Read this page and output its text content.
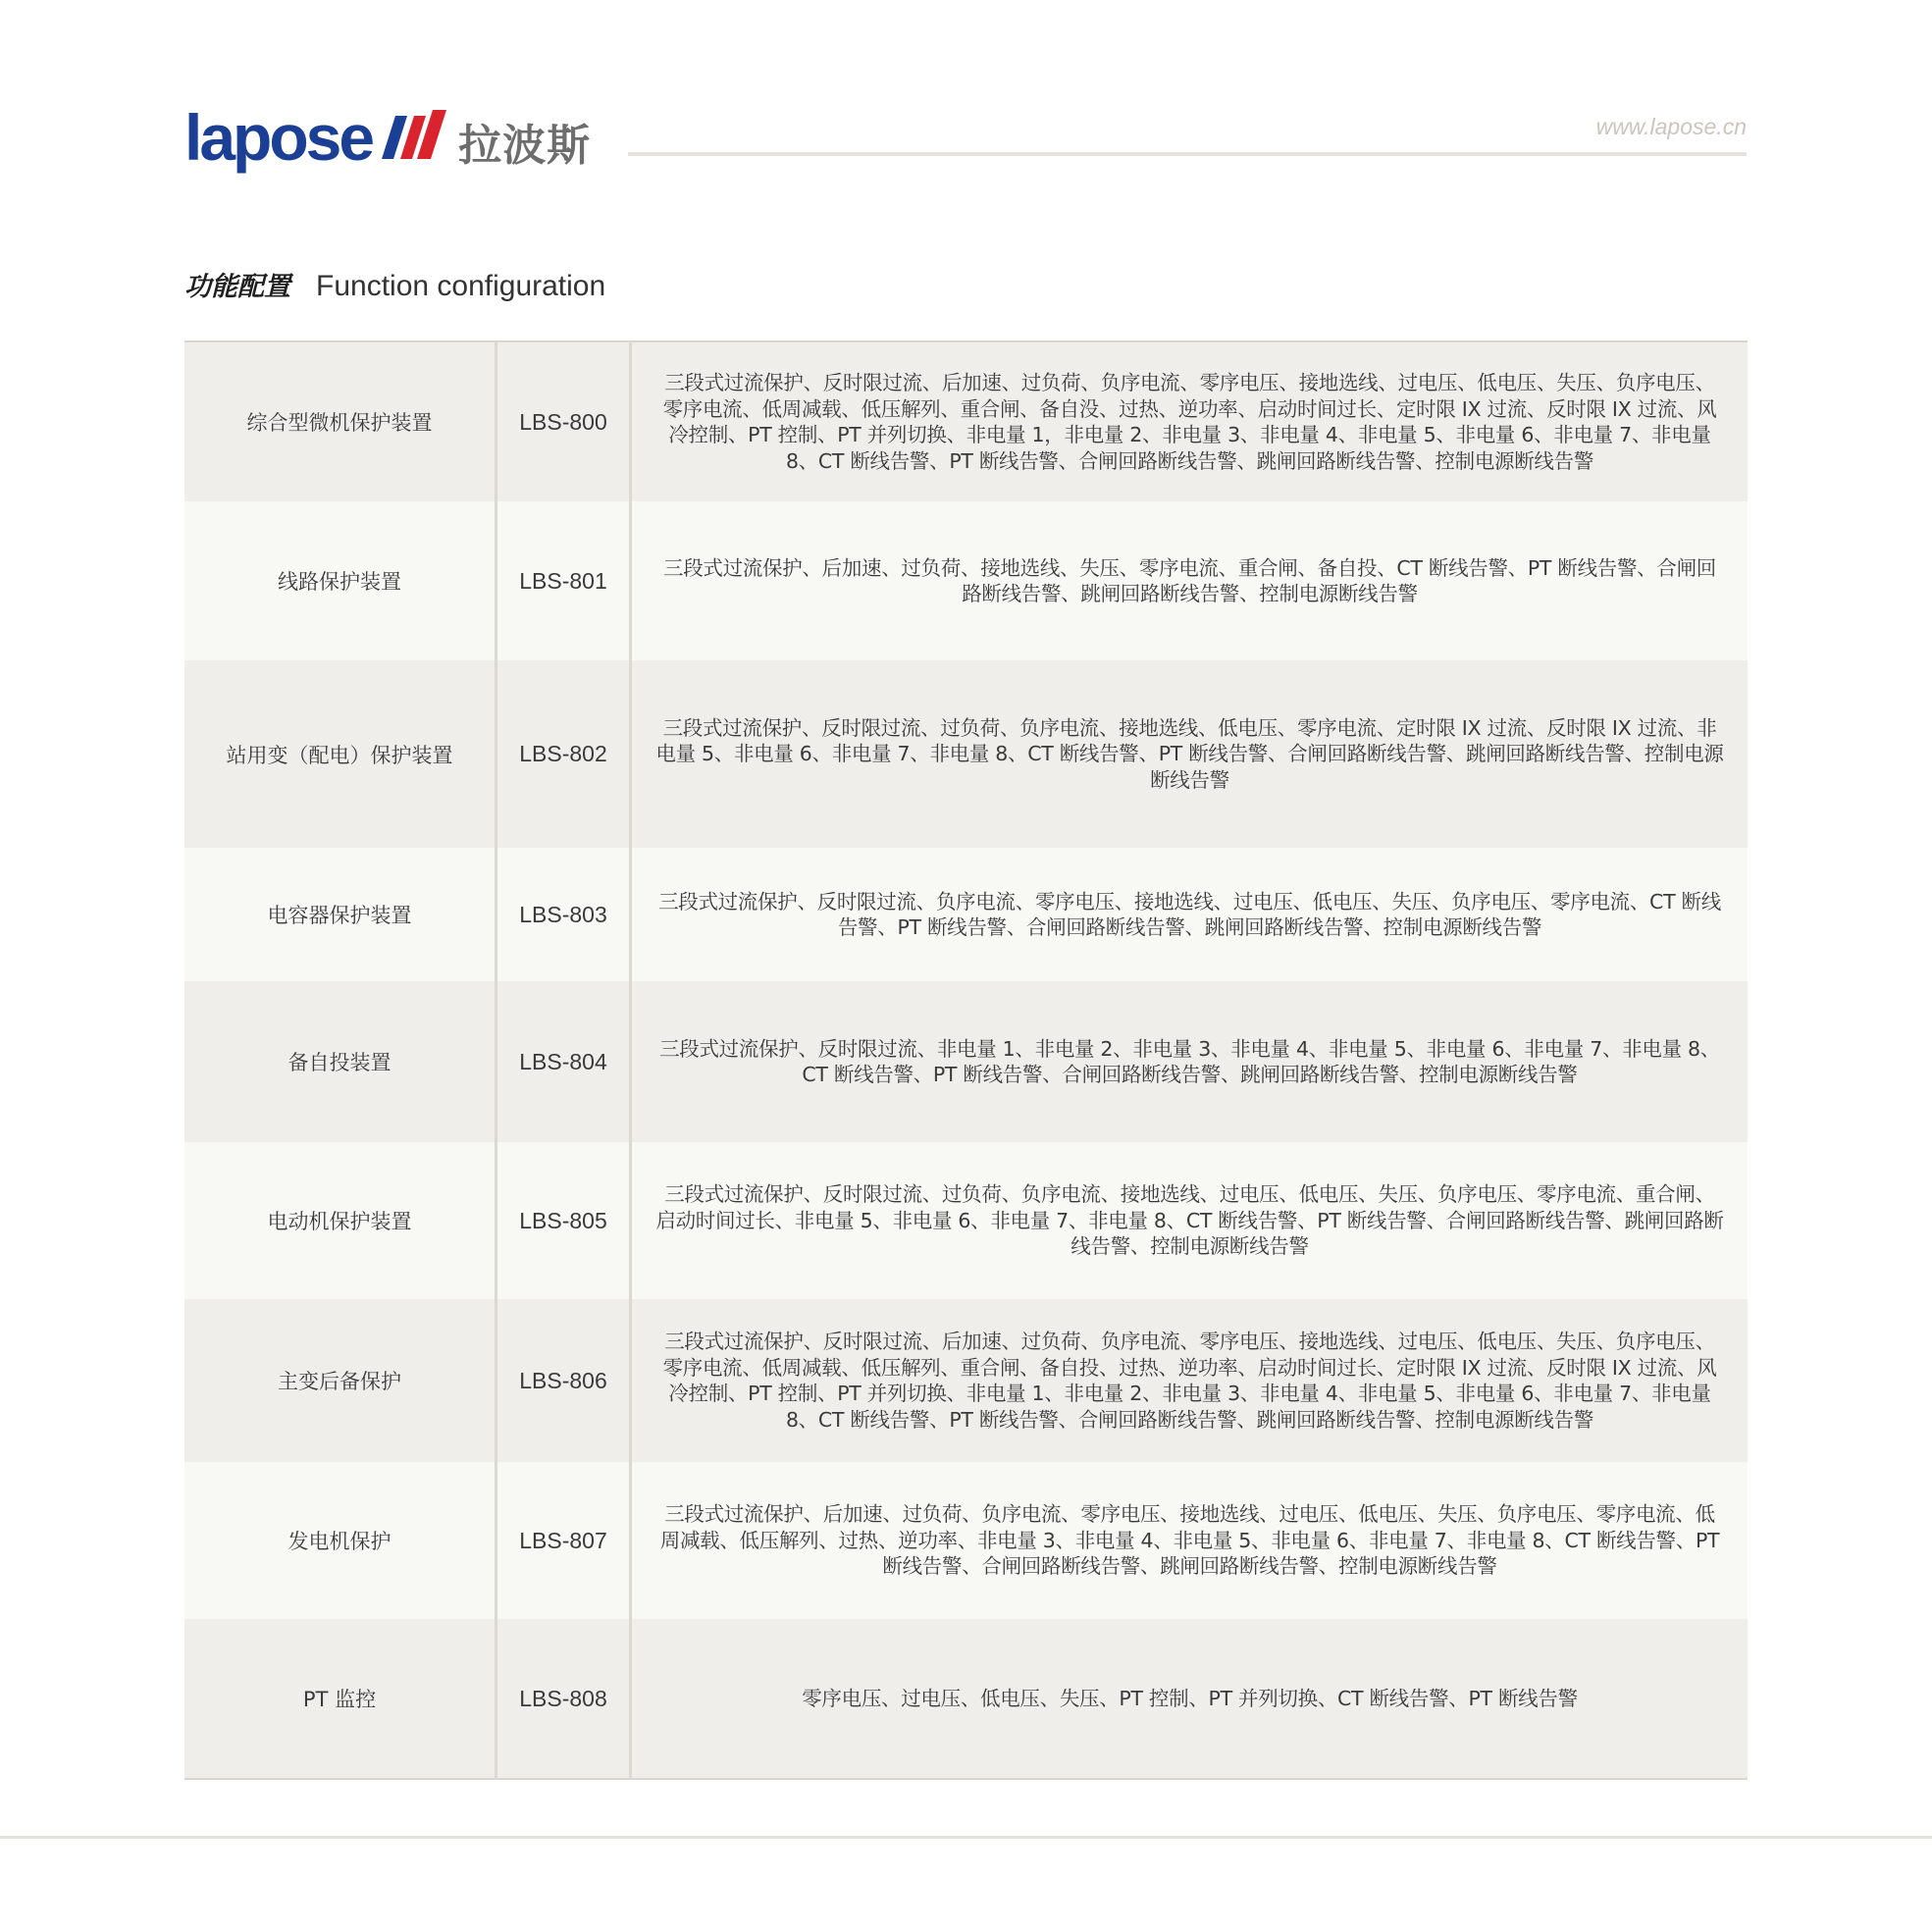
lapose 拉波斯	www.lapose.cn
功能配置 Function configuration
综合型微机保护装置	LBS-800	三段式过流保护、反时限过流、后加速、过负荷、负序电流、零序电压、接地选线、过电压、低电压、失压、负序电压、零序电流、低周减载、低压解列、重合闸、备自没、过热、逆功率、启动时间过长、定时限 IX 过流、反时限 IX 过流、风冷控制、PT 控制、PT 并列切换、非电量 1，非电量 2、非电量 3、非电量 4、非电量 5、非电量 6、非电量 7、非电量 8、CT 断线告警、PT 断线告警、合闸回路断线告警、跳闸回路断线告警、控制电源断线告警
线路保护装置	LBS-801	三段式过流保护、后加速、过负荷、接地选线、失压、零序电流、重合闸、备自投、CT 断线告警、PT 断线告警、合闸回路断线告警、跳闸回路断线告警、控制电源断线告警
站用变（配电）保护装置	LBS-802	三段式过流保护、反时限过流、过负荷、负序电流、接地选线、低电压、零序电流、定时限 IX 过流、反时限 IX 过流、非电量 5、非电量 6、非电量 7、非电量 8、CT 断线告警、PT 断线告警、合闸回路断线告警、跳闸回路断线告警、控制电源断线告警
电容器保护装置	LBS-803	三段式过流保护、反时限过流、负序电流、零序电压、接地选线、过电压、低电压、失压、负序电压、零序电流、CT 断线告警、PT 断线告警、合闸回路断线告警、跳闸回路断线告警、控制电源断线告警
备自投装置	LBS-804	三段式过流保护、反时限过流、非电量 1、非电量 2、非电量 3、非电量 4、非电量 5、非电量 6、非电量 7、非电量 8、CT 断线告警、PT 断线告警、合闸回路断线告警、跳闸回路断线告警、控制电源断线告警
电动机保护装置	LBS-805	三段式过流保护、反时限过流、过负荷、负序电流、接地选线、过电压、低电压、失压、负序电压、零序电流、重合闸、启动时间过长、非电量 5、非电量 6、非电量 7、非电量 8、CT 断线告警、PT 断线告警、合闸回路断线告警、跳闸回路断线告警、控制电源断线告警
主变后备保护	LBS-806	三段式过流保护、反时限过流、后加速、过负荷、负序电流、零序电压、接地选线、过电压、低电压、失压、负序电压、零序电流、低周减载、低压解列、重合闸、备自投、过热、逆功率、启动时间过长、定时限 IX 过流、反时限 IX 过流、风冷控制、PT 控制、PT 并列切换、非电量 1、非电量 2、非电量 3、非电量 4、非电量 5、非电量 6、非电量 7、非电量 8、CT 断线告警、PT 断线告警、合闸回路断线告警、跳闸回路断线告警、控制电源断线告警
发电机保护	LBS-807	三段式过流保护、后加速、过负荷、负序电流、零序电压、接地选线、过电压、低电压、失压、负序电压、零序电流、低周减载、低压解列、过热、逆功率、非电量 3、非电量 4、非电量 5、非电量 6、非电量 7、非电量 8、CT 断线告警、PT 断线告警、合闸回路断线告警、跳闸回路断线告警、控制电源断线告警
PT 监控	LBS-808	零序电压、过电压、低电压、失压、PT 控制、PT 并列切换、CT 断线告警、PT 断线告警
